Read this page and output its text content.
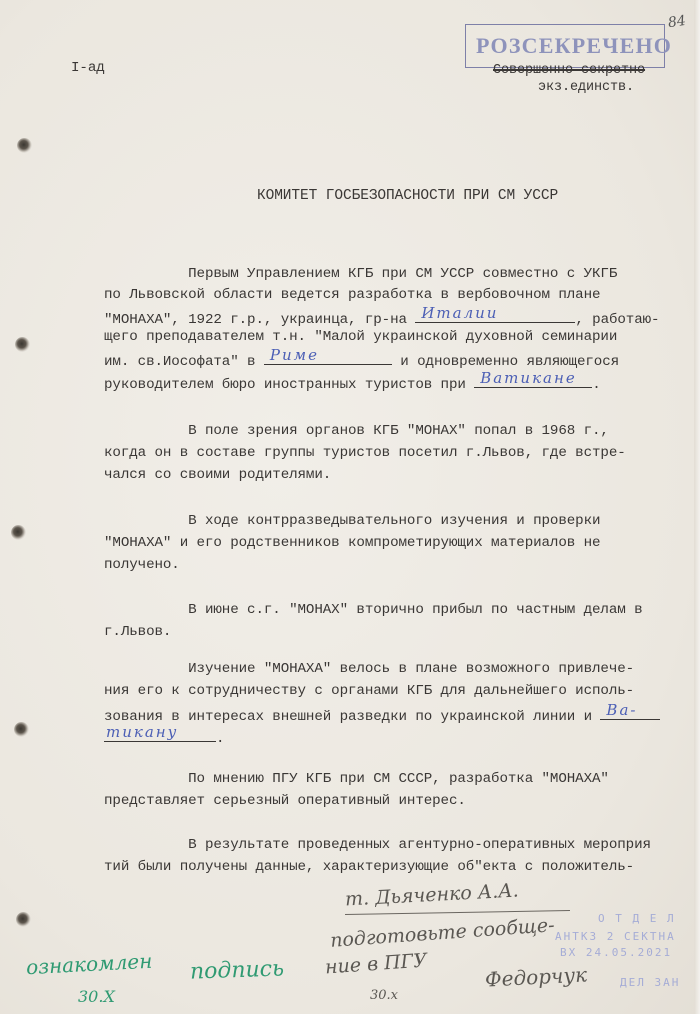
I-ад
РОЗСЕКРЕЧЕНО
84
Совершенно секретно
экз.единств.
КОМИТЕТ ГОСБЕЗОПАСНОСТИ ПРИ СМ УССР
Первым Управлением КГБ при СМ УССР совместно с УКГБ
по Львовской области ведется разработка в вербовочном плане
"МОНАХА", 1922 г.р., украинца, гр-на Италии	, работаю-
щего преподавателем т.н. "Малой украинской духовной семинарии
им. св.Иософата" в Риме	и одновременно являющегося
руководителем бюро иностранных туристов при Ватикане .
В поле зрения органов КГБ "МОНАХ" попал в 1968 г.,
когда он в составе группы туристов посетил г.Львов, где встре-
чался со своими родителями.
В ходе контрразведывательного изучения и проверки
"МОНАХА" и его родственников компрометирующих материалов не
получено.
В июне с.г. "МОНАХ" вторично прибыл по частным делам в
г.Львов.
Изучение "МОНАХА" велось в плане возможного привлече-
ния его к сотрудничеству с органами КГБ для дальнейшего исполь-
зования в интересах внешней разведки по украинской линии и Ва-
тикану	.
По мнению ПГУ КГБ при СМ СССР, разработка "МОНАХА"
представляет серьезный оперативный интерес.
В результате проведенных агентурно-оперативных мероприя
тий были получены данные, характеризующие об"екта с положитель-
О Т Д Е Л
АНТКЗ 2 СЕКТНА
ВХ 24.05.2021
ДЕЛ ЗАН
т. Дьяченко А.А.
подготовьте сообще-
ние в ПГУ	Федорчук
30.х
ознакомлен
30.Х
подпись
